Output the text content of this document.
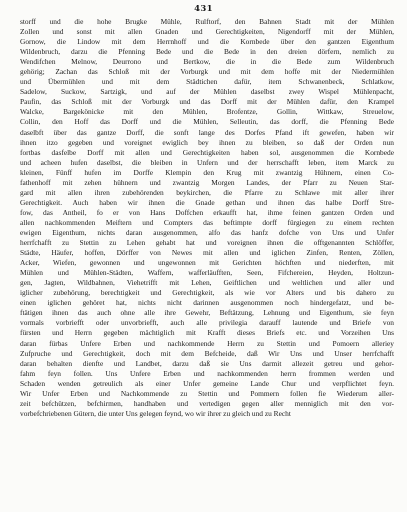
431
storff und die hohe Brugke Mühle, Rulftorf, den Bahnen Stadt mit der Mühlen
Zollen und sonst mit allen Gnaden und Gerechtigkeiten, Nigendorff mit der Mühlen,
Gornow, die Lindow mit dem Herrnhoff und die Kornbede über den gantzen Eigenthum
Wildenbruch, darzu die Pfenning Bede und die Bede in den dreien dörfern, nemlich zu
Wendifchen Melnow, Deurrono und Bertkow, die in die Bede zum Wildenbruch
gehörig; Zachan das Schloß mit der Vorburgk und mit dem hoffe mit der Niedermühlen
und Übermühlen und mit dem Städtichen dafür, item Schwanenbeck, Schlatkow,
Sadelow, Suckow, Sartzigk, und auf der Mühlen daselbst zwey Wispel Mühlenpacht,
Paufin, das Schloß mit der Vorburgk und das Dorff mit der Mühlen dafür, den Krampel
Walcke, Bargekönicke mit den Mühlen, Brofentze, Gollin, Wittkaw, Streuelow,
Collin, den Hoff das Dorff und die Mühlen, Selleutin, das dorff, die Pfenning Bede
daselbft über das gantze Dorff, die sonft lange des Dorfes Pfand ift gewefen, haben wir
ihnen itzo gegeben und voreignet ewiglich bey ihnen zu bleiben, so daß der Orden nun
fortbas dasfelbe Dorff mit allen und Gerechtigkeiten haben sol, ausgenommen die Kornbede
und acheen hufen daselbst, die bleiben in Unfern und der herrschafft leben, item Marck zu
kleinen, Fünff hufen im Dorffe Klempin den Krug mit zwantzig Hühnern, einen Co-
fathenhoff mit zehen hühnern und zwantzig Morgen Landes, der Pfarr zu Neuen Star-
gard mit allen ihren zubehörenden beykirchen, die Pfarre zu Schlawe mit aller ihrer
Gerechtigkeit. Auch haben wir ihnen die Gnade gethan und ihnen das halbe Dorff Stre-
fow, das Antheil, fo er von Hans Doffchen erkaufft hat, ihme feinen gantzen Orden und
allen nachkommenden Meiftern und Compters das beftimpte dorff fürgiegen zu einem rechten
ewigen Eigenthum, nichts daran ausgenommen, alfo das hanfz dofche von Uns und Unfer
herrfchafft zu Stettin zu Lehen gehabt hat und voreignen ihnen die offtgenannten Schlöffer,
Städte, Häufer, hoffen, Dörffer von Newes mit allen und iglichen Zinfen, Renten, Zöllen,
Acker, Wiefen, gewonnen und ungewonnen mit Gerichten höchften und niederften, mit
Mühlen und Mühlen-Städten, Waffern, wafferläufften, Seen, Fifchereien, Heyden, Holtzun-
gen, Jagten, Wildbahnen, Viehetrifft mit Lehen, Geiftlichen und weltlichen und aller und
iglicher zubehörung, berechtigkeit und Gerechtigkeit, als wie vor Alters und bis dahero zu
einen iglichen gehöret hat, nichts nicht darinnen ausgenommen noch hindergefatzt, und be-
ftätigen ihnen das auch ohne alle ihre Gewehr, Beftätzung, Lehnung und Eigenthum, sie feyn
vormals vorbriefft oder unvorbriefft, auch alle privilegia darauff lautende und Briefe von
fürsten und Herrn gegeben mächtiglich mit Krafft dieses Briefs etc. und Vorzeihen Uns
daran fürbas Unfere Erben und nachkommende Herrn zu Stettin und Pomoern alleriey
Zufpruche und Gerechtigkeit, doch mit dem Befcheide, daß Wir Uns und Unser herrfchafft
daran behalten dienfte und Landbet, darzu daß sie Uns darmit allezeit getreu und gehor-
fahm feyn follen. Uns Unfere Erben und nachkommenden herrn frommen werden und
Schaden wenden getreulich als einer Unfer gemeine Lande Chur und verpflichtet feyn.
Wir Unfer Erben und Nachkommende zu Stettin und Pommern follen fie Wiederum aller-
zeit befchützen, befchirmen, handhaben und vertedigen gegen aller menniglich mit den vor-
vorbefchriebenen Gütern, die unter Uns gelegen feynd, wo wir ihrer zu gleich und zu Recht
